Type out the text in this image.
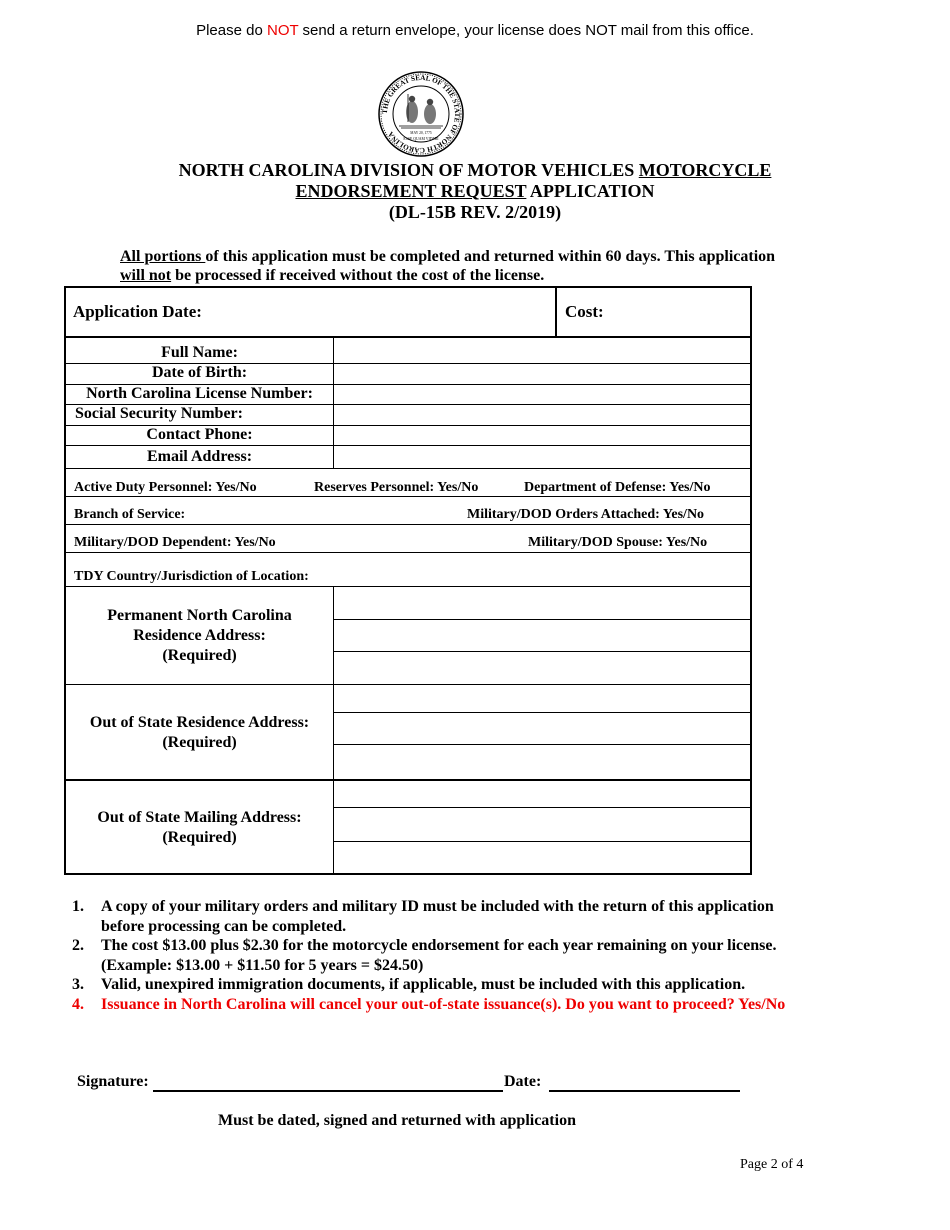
Please do NOT send a return envelope, your license does NOT mail from this office.
THE GREAT SEAL OF THE STATE OF NORTH CAROLINA	MAY 20, 1775
ESSE QUAM VIDERI
NORTH CAROLINA DIVISION OF MOTOR VEHICLES MOTORCYCLE
ENDORSEMENT REQUEST APPLICATION
(DL-15B REV. 2/2019)
All portions of this application must be completed and returned within 60 days. This application
will not be processed if received without the cost of the license.
Application Date:	Cost:
Full Name:
Date of Birth:
North Carolina License Number:
Social Security Number:
Contact Phone:
Email Address:
Active Duty Personnel: Yes/No	Reserves Personnel: Yes/No	Department of Defense: Yes/No
Branch of Service:	Military/DOD Orders Attached: Yes/No
Military/DOD Dependent: Yes/No	Military/DOD Spouse: Yes/No
TDY Country/Jurisdiction of Location:
Permanent North Carolina
Residence Address:
(Required)
Out of State Residence Address:
(Required)
Out of State Mailing Address:
(Required)
1. A copy of your military orders and military ID must be included with the return of this application
before processing can be completed.
2. The cost $13.00 plus $2.30 for the motorcycle endorsement for each year remaining on your license.
(Example: $13.00 + $11.50 for 5 years = $24.50)
3. Valid, unexpired immigration documents, if applicable, must be included with this application.
4. Issuance in North Carolina will cancel your out-of-state issuance(s). Do you want to proceed? Yes/No
Signature:	Date:
Must be dated, signed and returned with application
Page 2 of 4
